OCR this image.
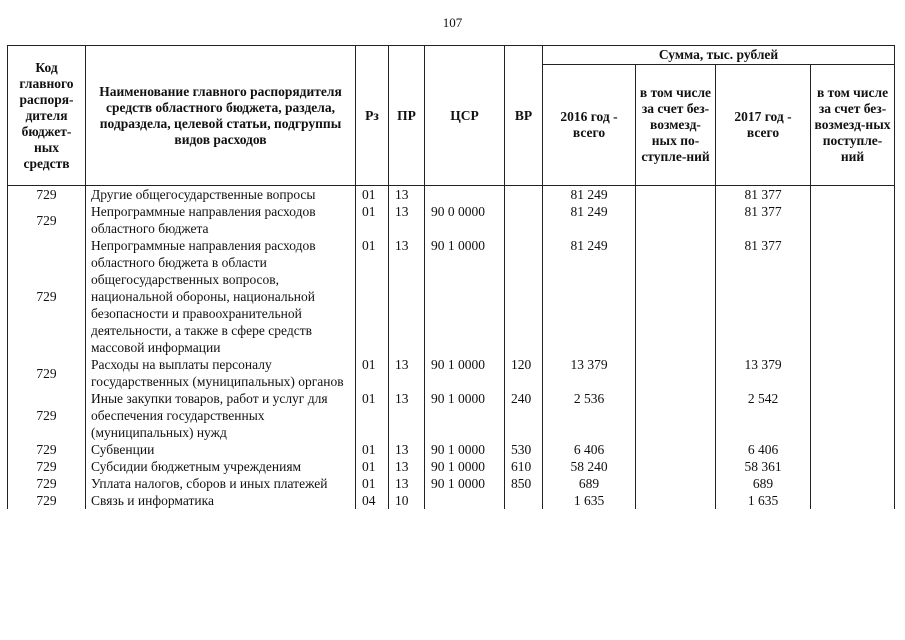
107
Код главного распоря-дителя бюджет-ных средств	Наименование главного распорядителя средств областного бюджета, раздела, подраздела, целевой статьи, подгруппы видов расходов	Рз	ПР	ЦСР	ВР	Сумма, тыс. рублей			
						2016 год - всего	в том числе за счет без-возмезд-ных по-ступле-ний	2017 год - всего	в том числе за счет без-возмезд-ных поступле-ний
729	Другие общегосударственные вопросы	01	13			81 249		81 377	
729	Непрограммные направления расходов областного бюджета	01	13	90 0 0000		81 249		81 377	
729	Непрограммные направления расходов областного бюджета в области общегосударственных вопросов, национальной обороны, национальной безопасности и правоохранительной деятельности, а также в сфере средств массовой информации	01	13	90 1 0000		81 249		81 377	
729	Расходы на выплаты персоналу государственных (муниципальных) органов	01	13	90 1 0000	120	13 379		13 379	
729	Иные закупки товаров, работ и услуг для обеспечения государственных (муниципальных) нужд	01	13	90 1 0000	240	2 536		2 542	
729	Субвенции	01	13	90 1 0000	530	6 406		6 406	
729	Субсидии бюджетным учреждениям	01	13	90 1 0000	610	58 240		58 361	
729	Уплата налогов, сборов и иных платежей	01	13	90 1 0000	850	689		689	
729	Связь и информатика	04	10			1 635		1 635	
